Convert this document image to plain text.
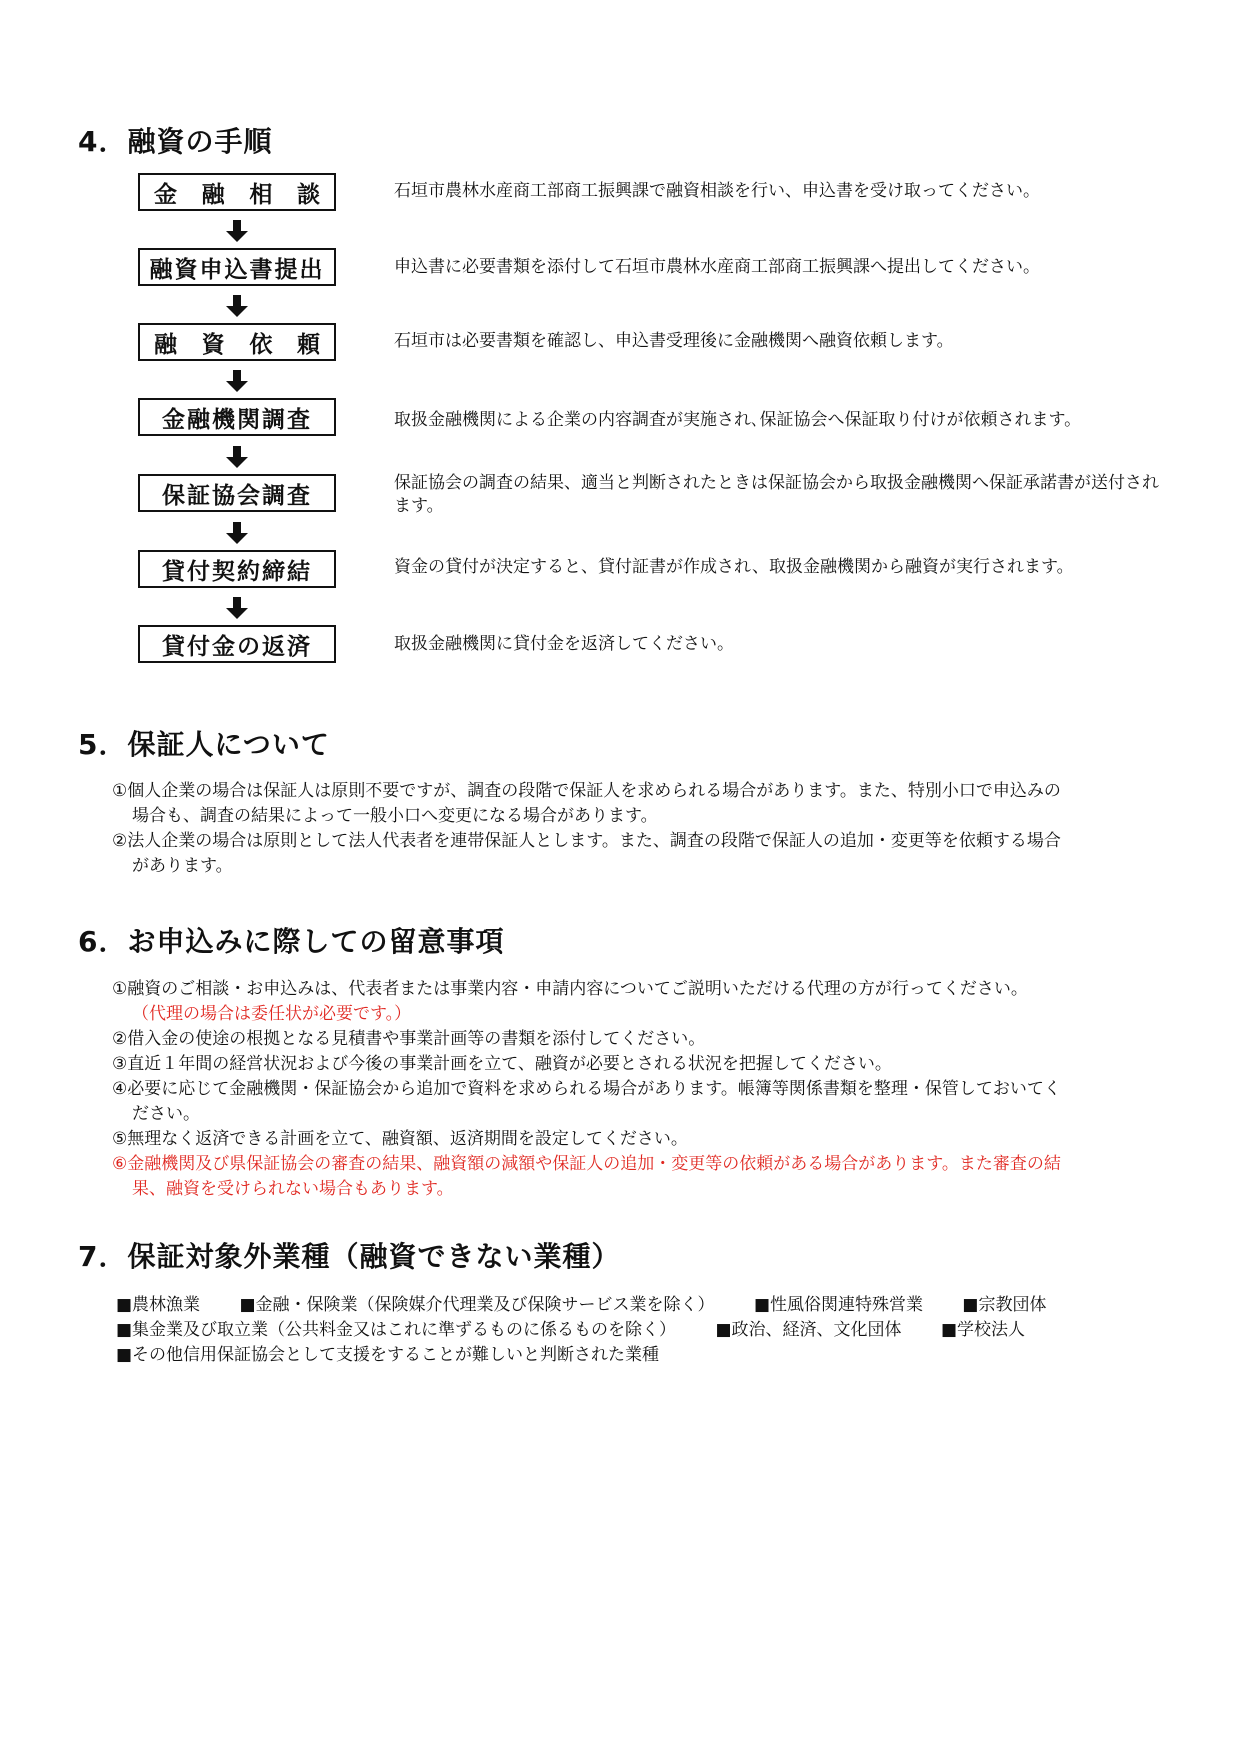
4．融資の手順
金 融 相 談	石垣市農林水産商工部商工振興課で融資相談を行い、申込書を受け取ってください。

融資申込書提出	申込書に必要書類を添付して石垣市農林水産商工部商工振興課へ提出してください。

融 資 依 頼	石垣市は必要書類を確認し、申込書受理後に金融機関へ融資依頼します。

金融機関調査	取扱金融機関による企業の内容調査が実施され､保証協会へ保証取り付けが依頼されます。

保証協会調査	保証協会の調査の結果、適当と判断されたときは保証協会から取扱金融機関へ保証承諾書が送付されます。

貸付契約締結	資金の貸付が決定すると、貸付証書が作成され、取扱金融機関から融資が実行されます。

貸付金の返済	取扱金融機関に貸付金を返済してください。

5．保証人について
①個人企業の場合は保証人は原則不要ですが、調査の段階で保証人を求められる場合があります。また、特別小口で申込みの
場合も、調査の結果によって一般小口へ変更になる場合があります。
②法人企業の場合は原則として法人代表者を連帯保証人とします。また、調査の段階で保証人の追加・変更等を依頼する場合
があります。
6．お申込みに際しての留意事項
①融資のご相談・お申込みは、代表者または事業内容・申請内容についてご説明いただける代理の方が行ってください。
（代理の場合は委任状が必要です。）
②借入金の使途の根拠となる見積書や事業計画等の書類を添付してください。
③直近１年間の経営状況および今後の事業計画を立て、融資が必要とされる状況を把握してください。
④必要に応じて金融機関・保証協会から追加で資料を求められる場合があります。帳簿等関係書類を整理・保管しておいてく
ださい。
⑤無理なく返済できる計画を立て、融資額、返済期間を設定してください。
⑥金融機関及び県保証協会の審査の結果、融資額の減額や保証人の追加・変更等の依頼がある場合があります。また審査の結
果、融資を受けられない場合もあります。
7．保証対象外業種（融資できない業種）

■農林漁業 ■金融・保険業（保険媒介代理業及び保険サービス業を除く） ■性風俗関連特殊営業 ■宗教団体

■集金業及び取立業（公共料金又はこれに準ずるものに係るものを除く） ■政治、経済、文化団体 ■学校法人

■その他信用保証協会として支援をすることが難しいと判断された業種
